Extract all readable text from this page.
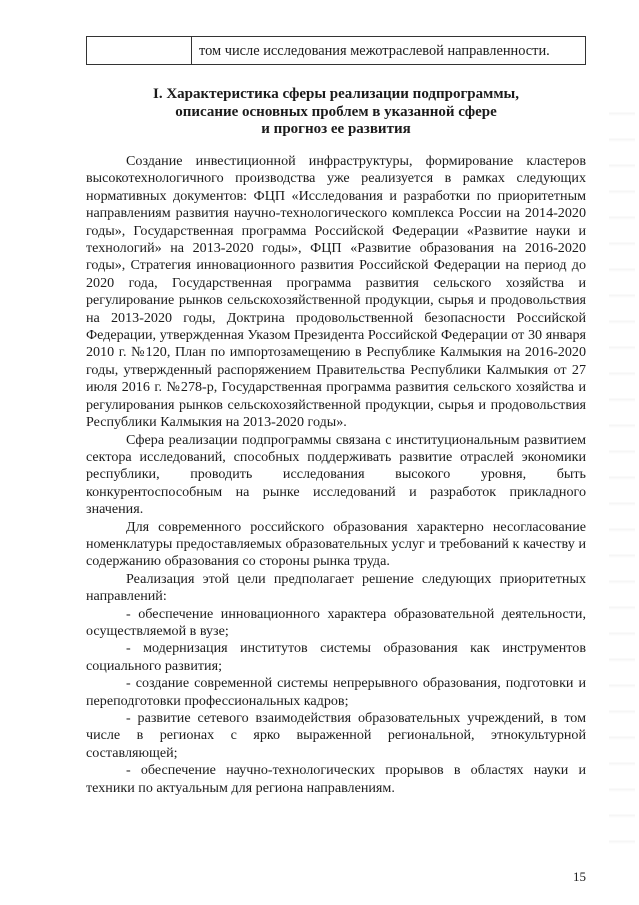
том числе исследования межотраслевой направленности.
I. Характеристика сферы реализации подпрограммы,
описание основных проблем в указанной сфере
и прогноз ее развития

Создание инвестиционной инфраструктуры, формирование кластеров высокотехнологичного производства уже реализуется в рамках следующих нормативных документов: ФЦП «Исследования и разработки по приоритетным направлениям развития научно-технологического комплекса России на 2014-2020 годы», Государственная программа Российской Федерации «Развитие науки и технологий» на 2013-2020 годы», ФЦП «Развитие образования на 2016-2020 годы», Стратегия инновационного развития Российской Федерации на период до 2020 года, Государственная программа развития сельского хозяйства и регулирование рынков сельскохозяйственной продукции, сырья и продовольствия на 2013-2020 годы, Доктрина продовольственной безопасности Российской Федерации, утвержденная Указом Президента Российской Федерации от 30 января 2010 г. №120, План по импортозамещению в Республике Калмыкия на 2016-2020 годы, утвержденный распоряжением Правительства Республики Калмыкия от 27 июля 2016 г. №278-р, Государственная программа развития сельского хозяйства и регулирования рынков сельскохозяйственной продукции, сырья и продовольствия Республики Калмыкия на 2013-2020 годы».

Сфера реализации подпрограммы связана с институциональным развитием сектора исследований, способных поддерживать развитие отраслей экономики республики, проводить исследования высокого уровня, быть конкурентоспособным на рынке исследований и разработок прикладного значения.

Для современного российского образования характерно несогласование номенклатуры предоставляемых образовательных услуг и требований к качеству и содержанию образования со стороны рынка труда.

Реализация этой цели предполагает решение следующих приоритетных направлений:

- обеспечение инновационного характера образовательной деятельности, осуществляемой в вузе;

- модернизация институтов системы образования как инструментов социального развития;

- создание современной системы непрерывного образования, подготовки и переподготовки профессиональных кадров;

- развитие сетевого взаимодействия образовательных учреждений, в том числе в регионах с ярко выраженной региональной, этнокультурной составляющей;

- обеспечение научно-технологических прорывов в областях науки и техники по актуальным для региона направлениям.

15
